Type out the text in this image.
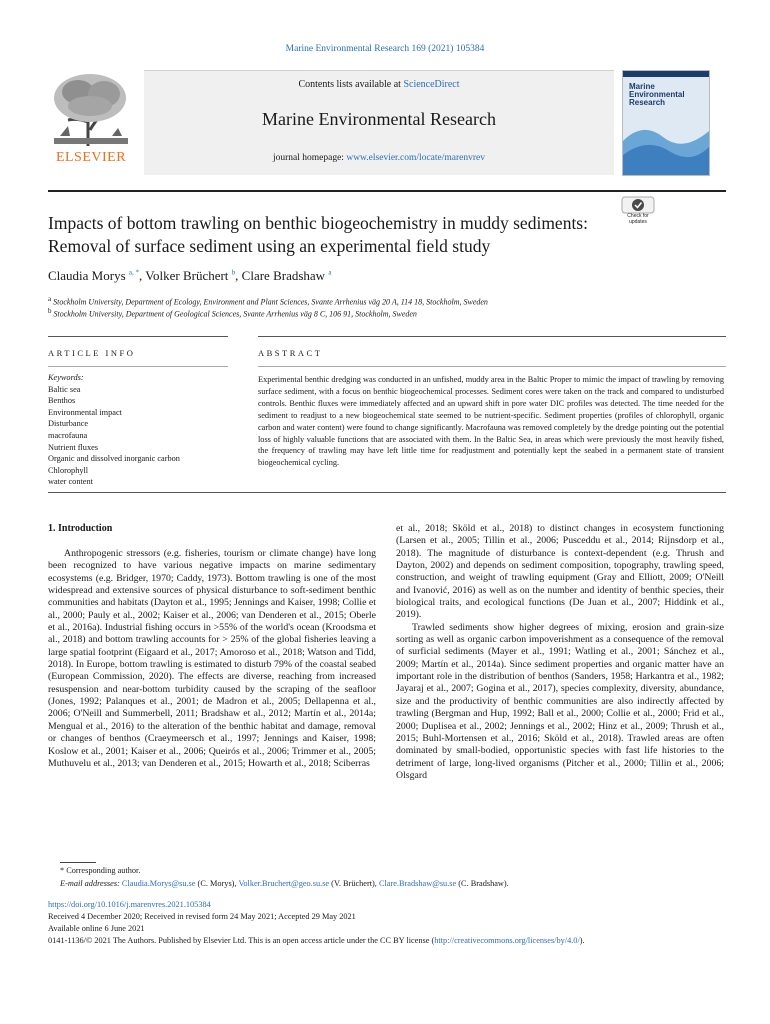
Marine Environmental Research 169 (2021) 105384
ELSEVIER
Contents lists available at ScienceDirect
Marine Environmental Research
journal homepage: www.elsevier.com/locate/marenvrev
Marine Environmental Research
Impacts of bottom trawling on benthic biogeochemistry in muddy sediments: Removal of surface sediment using an experimental field study
Check for updates
Claudia Morys $^{a, *}$, Volker Brüchert $^b$, Clare Bradshaw $^a$
$^a$ Stockholm University, Department of Ecology, Environment and Plant Sciences, Svante Arrhenius väg 20 A, 114 18, Stockholm, Sweden
$^b$ Stockholm University, Department of Geological Sciences, Svante Arrhenius väg 8 C, 106 91, Stockholm, Sweden
ARTICLE INFO	ABSTRACT
Keywords:
Baltic sea
Benthos
Environmental impact
Disturbance
macrofauna
Nutrient fluxes
Organic and dissolved inorganic carbon
Chlorophyll
water content
Experimental benthic dredging was conducted in an unfished, muddy area in the Baltic Proper to mimic the impact of trawling by removing surface sediment, with a focus on benthic biogeochemical processes. Sediment cores were taken on the track and compared to undisturbed controls. Benthic fluxes were immediately affected and an upward shift in pore water DIC profiles was detected. The time needed for the sediment to readjust to a new biogeochemical state seemed to be nutrient-specific. Sediment properties (profiles of chlorophyll, organic carbon and water content) were found to change significantly. Macrofauna was removed completely by the dredge pointing out the potential loss of highly valuable functions that are associated with them. In the Baltic Sea, in areas which were previously the most heavily fished, the frequency of trawling may have left little time for readjustment and potentially kept the seabed in a permanent state of transient biogeochemical cycling.
1. Introduction
Anthropogenic stressors (e.g. fisheries, tourism or climate change) have long been recognized to have various negative impacts on marine sedimentary ecosystems (e.g. Bridger, 1970; Caddy, 1973). Bottom trawling is one of the most widespread and extensive sources of physical disturbance to soft-sediment benthic communities and habitats (Dayton et al., 1995; Jennings and Kaiser, 1998; Collie et al., 2000; Pauly et al., 2002; Kaiser et al., 2006; van Denderen et al., 2015; Oberle et al., 2016a). Industrial fishing occurs in >55% of the world's ocean (Kroodsma et al., 2018) and bottom trawling accounts for > 25% of the global fisheries leaving a large spatial footprint (Eigaard et al., 2017; Amoroso et al., 2018; Watson and Tidd, 2018). In Europe, bottom trawling is estimated to disturb 79% of the coastal seabed (European Commission, 2020). The effects are diverse, reaching from increased resuspension and near-bottom turbidity caused by the scraping of the seafloor (Jones, 1992; Palanques et al., 2001; de Madron et al., 2005; Dellapenna et al., 2006; O'Neill and Summerbell, 2011; Bradshaw et al., 2012; Martín et al., 2014a; Mengual et al., 2016) to the alteration of the benthic habitat and damage, removal or changes of benthos (Craeymeersch et al., 1997; Jennings and Kaiser, 1998; Koslow et al., 2001; Kaiser et al., 2006; Queirós et al., 2006; Trimmer et al., 2005; Muthuvelu et al., 2013; van Denderen et al., 2015; Howarth et al., 2018; Sciberras

et al., 2018; Sköld et al., 2018) to distinct changes in ecosystem functioning (Larsen et al., 2005; Tillin et al., 2006; Pusceddu et al., 2014; Rijnsdorp et al., 2018). The magnitude of disturbance is context-dependent (e.g. Thrush and Dayton, 2002) and depends on sediment composition, topography, trawling speed, construction, and weight of trawling equipment (Gray and Elliott, 2009; O'Neill and Ivanović, 2016) as well as on the number and identity of benthic species, their biological traits, and ecological functions (De Juan et al., 2007; Hiddink et al., 2019).

Trawled sediments show higher degrees of mixing, erosion and grain-size sorting as well as organic carbon impoverishment as a consequence of the removal of surficial sediments (Mayer et al., 1991; Watling et al., 2001; Sánchez et al., 2009; Martín et al., 2014a). Since sediment properties and organic matter have an important role in the distribution of benthos (Sanders, 1958; Harkantra et al., 1982; Jayaraj et al., 2007; Gogina et al., 2017), species complexity, diversity, abundance, size and the productivity of benthic communities are also indirectly affected by trawling (Bergman and Hup, 1992; Ball et al., 2000; Collie et al., 2000; Frid et al., 2000; Duplisea et al., 2002; Jennings et al., 2002; Hinz et al., 2009; Thrush et al., 2015; Buhl-Mortensen et al., 2016; Sköld et al., 2018). Trawled areas are often dominated by small-bodied, opportunistic species with fast life histories to the detriment of large, long-lived organisms (Pitcher et al., 2000; Tillin et al., 2006; Olsgard

* Corresponding author.
E-mail addresses: Claudia.Morys@su.se (C. Morys), Volker.Bruchert@geo.su.se (V. Brüchert), Clare.Bradshaw@su.se (C. Bradshaw).
https://doi.org/10.1016/j.marenvres.2021.105384
Received 4 December 2020; Received in revised form 24 May 2021; Accepted 29 May 2021
Available online 6 June 2021
0141-1136/© 2021 The Authors. Published by Elsevier Ltd. This is an open access article under the CC BY license (http://creativecommons.org/licenses/by/4.0/).
